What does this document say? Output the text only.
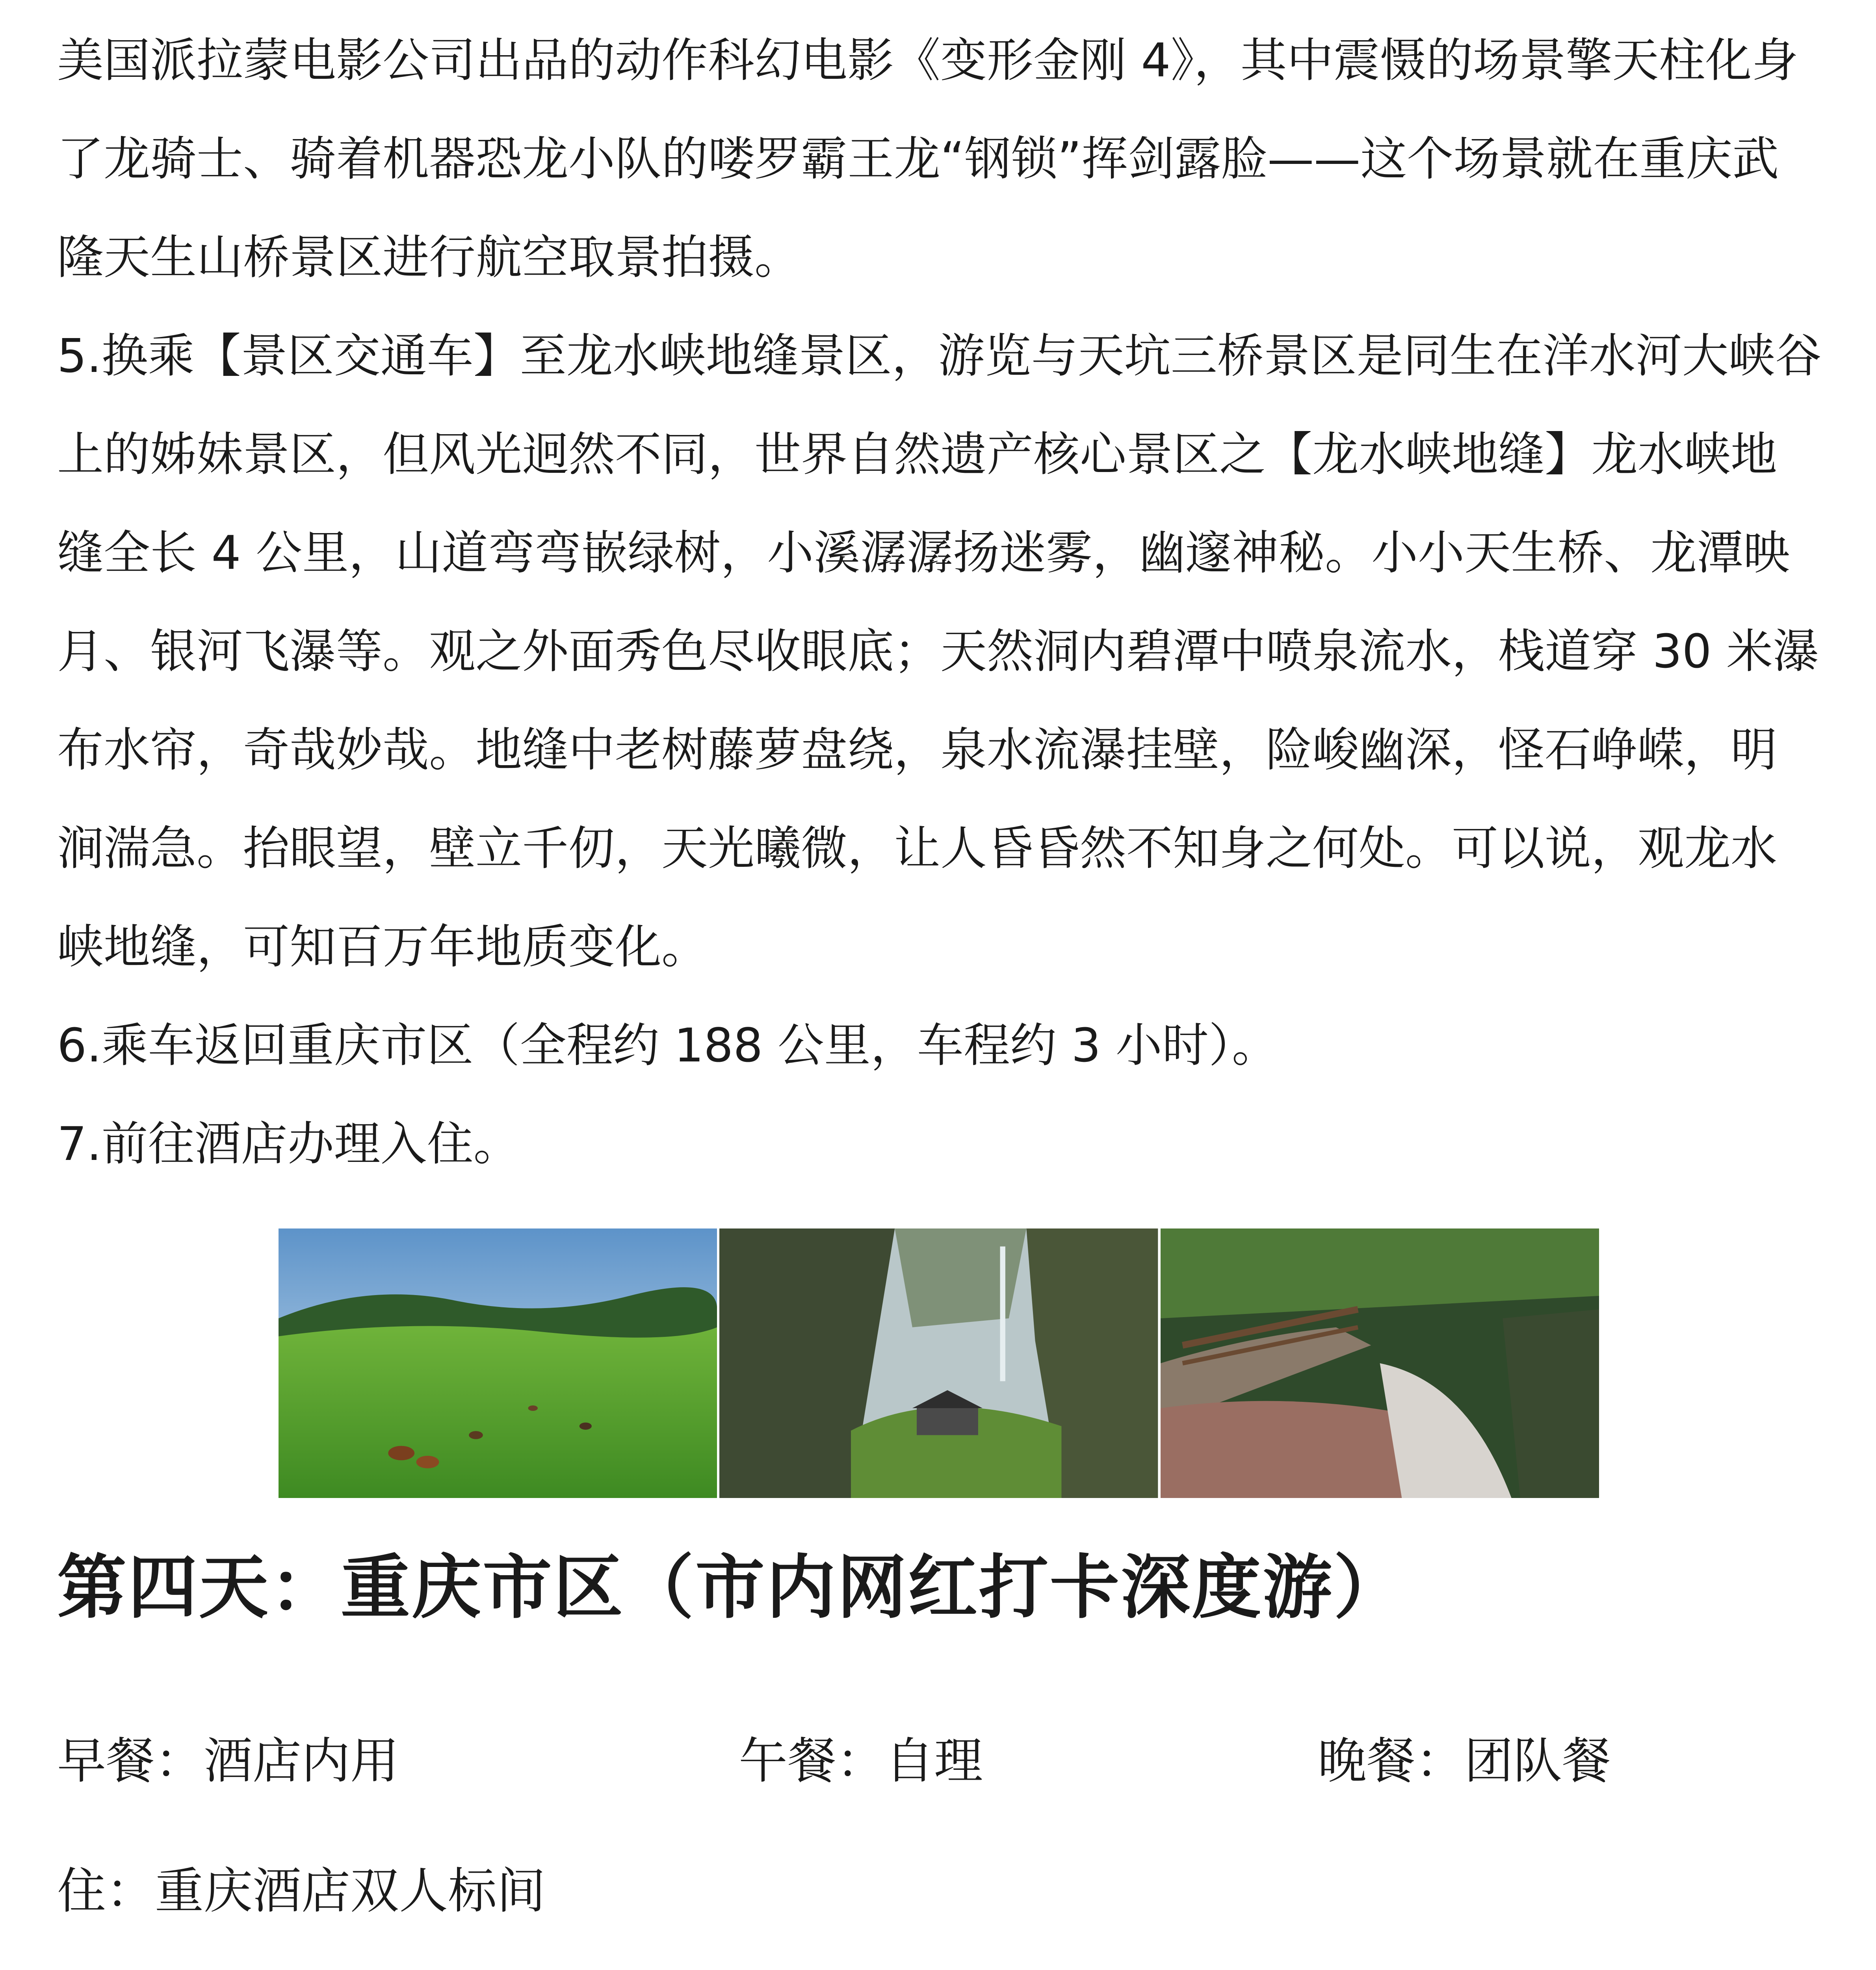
美国派拉蒙电影公司出品的动作科幻电影《变形金刚 4》，其中震慑的场景擎天柱化身了龙骑士、骑着机器恐龙小队的喽罗霸王龙“钢锁”挥剑露脸——这个场景就在重庆武隆天生山桥景区进行航空取景拍摄。

5.换乘【景区交通车】至龙水峡地缝景区，游览与天坑三桥景区是同生在洋水河大峡谷上的姊妹景区，但风光迥然不同，世界自然遗产核心景区之【龙水峡地缝】龙水峡地缝全长 4 公里，山道弯弯嵌绿树，小溪潺潺扬迷雾，幽邃神秘。小小天生桥、龙潭映月、银河飞瀑等。观之外面秀色尽收眼底；天然洞内碧潭中喷泉流水，栈道穿 30 米瀑布水帘，奇哉妙哉。地缝中老树藤萝盘绕，泉水流瀑挂壁，险峻幽深，怪石峥嵘，明涧湍急。抬眼望，壁立千仞，天光曦微，让人昏昏然不知身之何处。可以说，观龙水峡地缝，可知百万年地质变化。

6.乘车返回重庆市区（全程约 188 公里，车程约 3 小时）。

7.前往酒店办理入住。

第四天：重庆市区（市内网红打卡深度游）
早餐：酒店内用	午餐：自理	晚餐：团队餐
住：重庆酒店双人标间
